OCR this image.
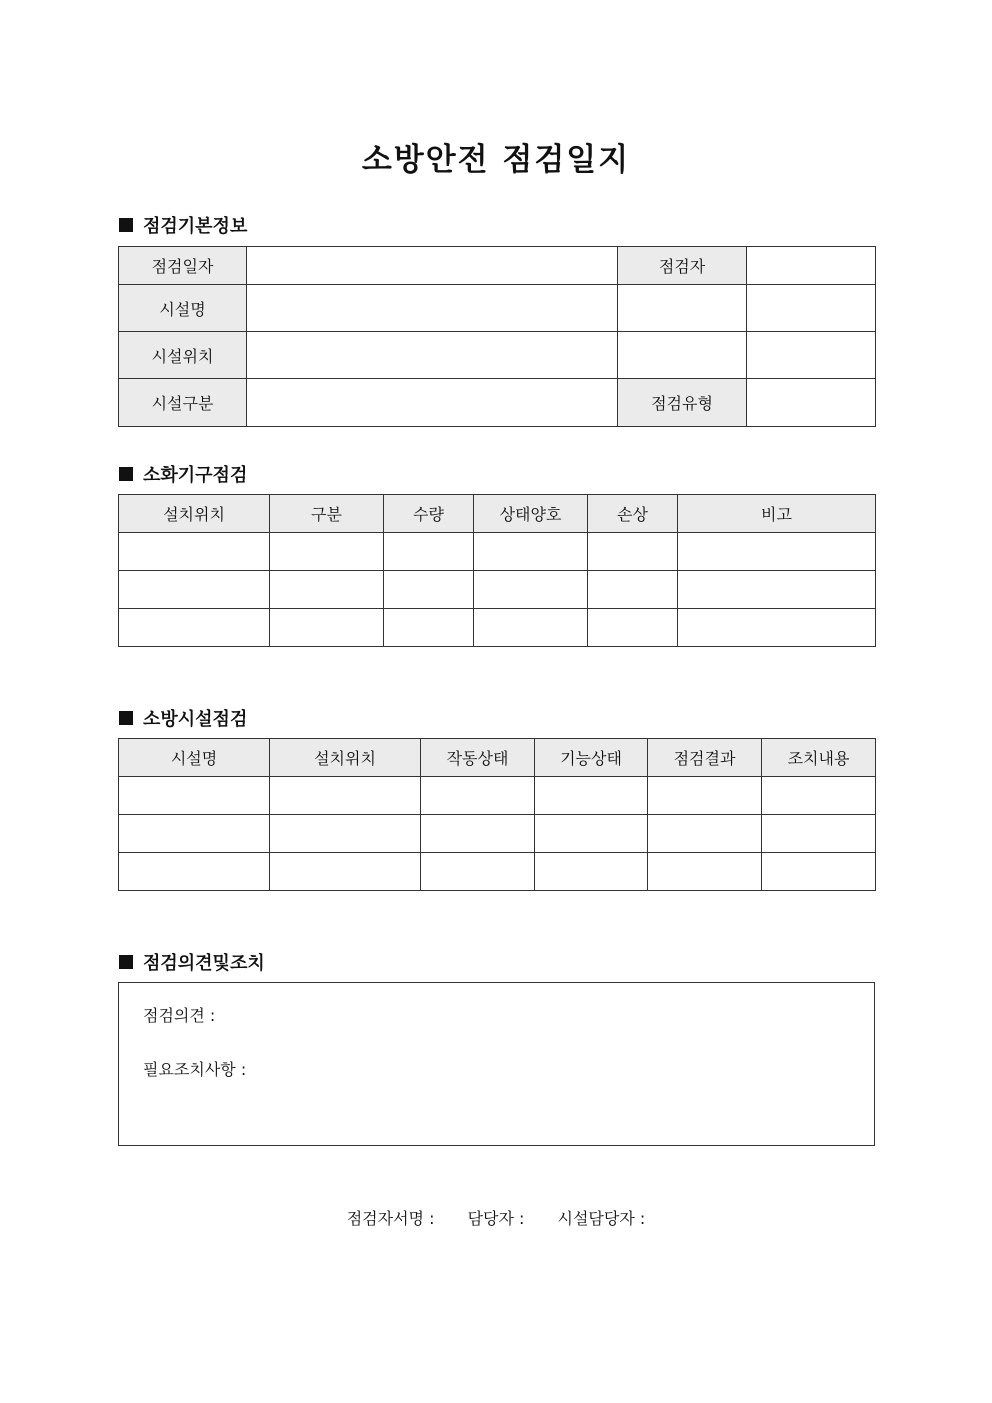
소방안전 점검일지
점검기본정보
점검일자		점검자	
시설명			
시설위치			
시설구분		점검유형	
소화기구점검
설치위치	구분	수량	상태양호	손상	비고

소방시설점검
시설명	설치위치	작동상태	기능상태	점검결과	조치내용

점검의견및조치
점검의견 :
필요조치사항 :
점검자서명 : 담당자 : 시설담당자 :
